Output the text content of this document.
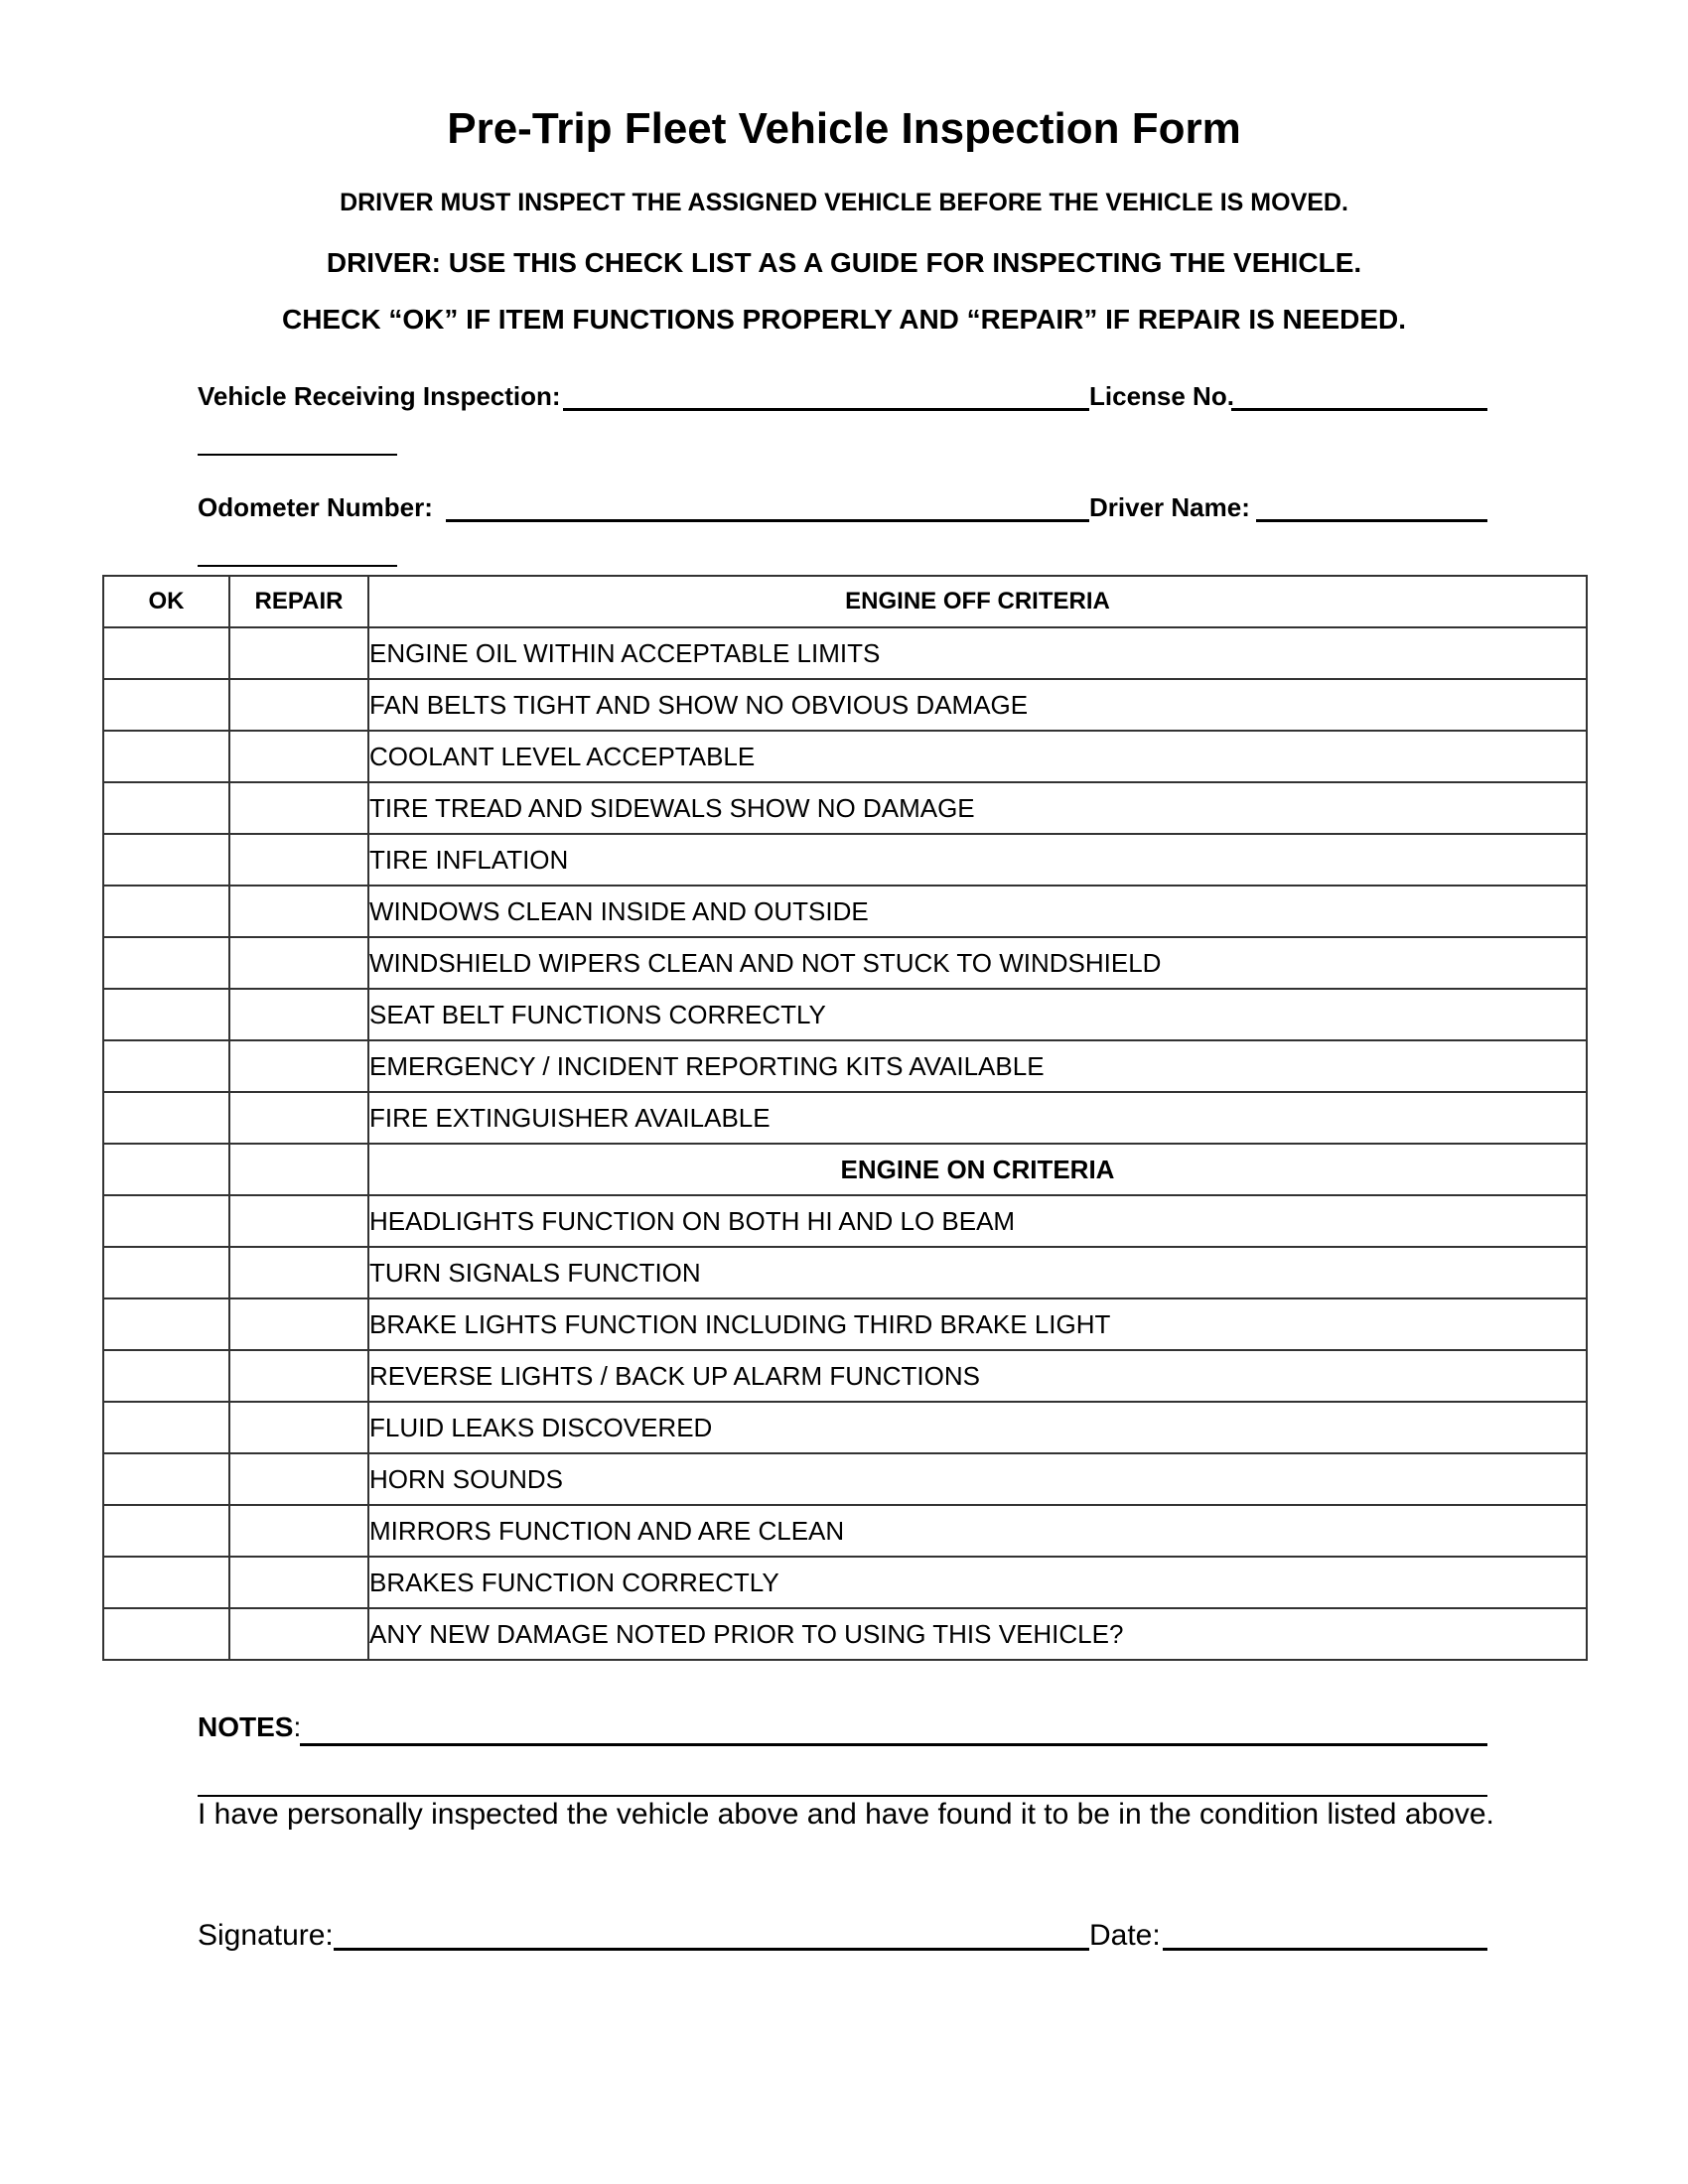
Pre-Trip Fleet Vehicle Inspection Form
DRIVER MUST INSPECT THE ASSIGNED VEHICLE BEFORE THE VEHICLE IS MOVED.
DRIVER: USE THIS CHECK LIST AS A GUIDE FOR INSPECTING THE VEHICLE.
CHECK “OK” IF ITEM FUNCTIONS PROPERLY AND “REPAIR” IF REPAIR IS NEEDED.
Vehicle Receiving Inspection:	License No.
Odometer Number:	Driver Name:
OK	REPAIR	ENGINE OFF CRITERIA
		ENGINE OIL WITHIN ACCEPTABLE LIMITS
		FAN BELTS TIGHT AND SHOW NO OBVIOUS DAMAGE
		COOLANT LEVEL ACCEPTABLE
		TIRE TREAD AND SIDEWALS SHOW NO DAMAGE
		TIRE INFLATION
		WINDOWS CLEAN INSIDE AND OUTSIDE
		WINDSHIELD WIPERS CLEAN AND NOT STUCK TO WINDSHIELD
		SEAT BELT FUNCTIONS CORRECTLY
		EMERGENCY / INCIDENT REPORTING KITS AVAILABLE
		FIRE EXTINGUISHER AVAILABLE
		ENGINE ON CRITERIA
		HEADLIGHTS FUNCTION ON BOTH HI AND LO BEAM
		TURN SIGNALS FUNCTION
		BRAKE LIGHTS FUNCTION INCLUDING THIRD BRAKE LIGHT
		REVERSE LIGHTS / BACK UP ALARM FUNCTIONS
		FLUID LEAKS DISCOVERED
		HORN SOUNDS
		MIRRORS FUNCTION AND ARE CLEAN
		BRAKES FUNCTION CORRECTLY
		ANY NEW DAMAGE NOTED PRIOR TO USING THIS VEHICLE?
NOTES:
I have personally inspected the vehicle above and have found it to be in the condition listed above.
Signature:	Date:
